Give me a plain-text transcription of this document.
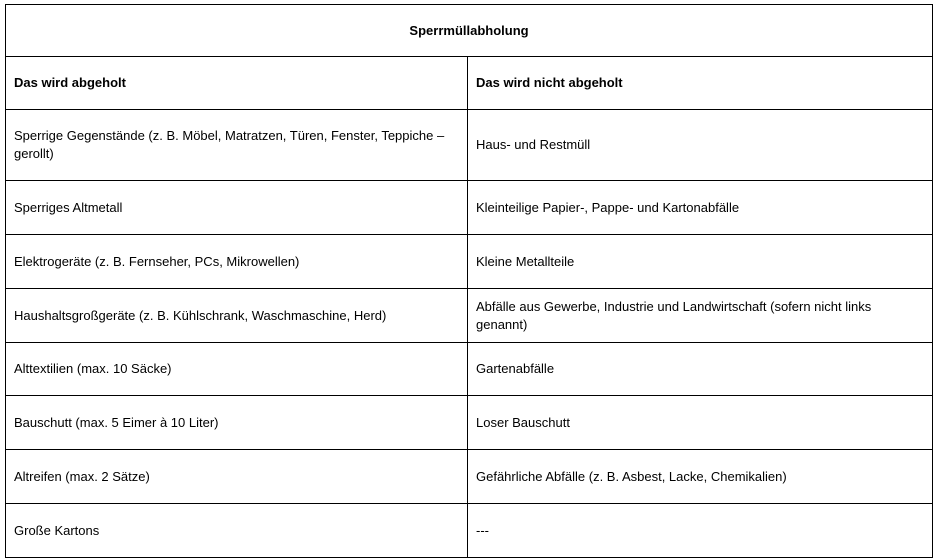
Sperrmüllabholung	
Das wird abgeholt	Das wird nicht abgeholt
Sperrige Gegenstände (z. B. Möbel, Matratzen, Türen, Fenster, Teppiche – gerollt)	Haus- und Restmüll
Sperriges Altmetall	Kleinteilige Papier-, Pappe- und Kartonabfälle
Elektrogeräte (z. B. Fernseher, PCs, Mikrowellen)	Kleine Metallteile
Haushaltsgroßgeräte (z. B. Kühlschrank, Waschmaschine, Herd)	Abfälle aus Gewerbe, Industrie und Landwirtschaft (sofern nicht links genannt)
Alttextilien (max. 10 Säcke)	Gartenabfälle
Bauschutt (max. 5 Eimer à 10 Liter)	Loser Bauschutt
Altreifen (max. 2 Sätze)	Gefährliche Abfälle (z. B. Asbest, Lacke, Chemikalien)
Große Kartons	---
